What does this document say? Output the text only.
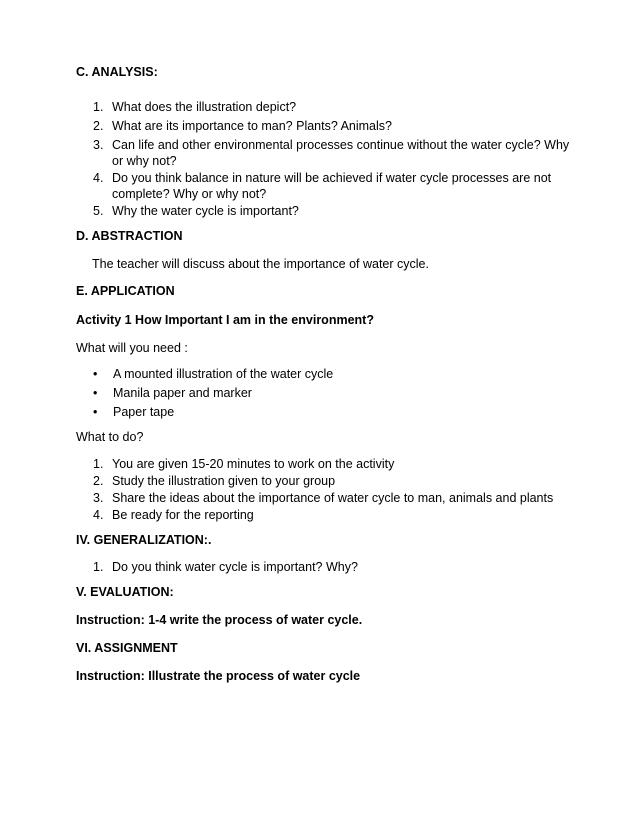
C. ANALYSIS:
1. What does the illustration depict?
2. What are its importance to man? Plants? Animals?
3. Can life and other environmental processes continue without the water cycle? Why or why not?
4. Do you think balance in nature will be achieved if water cycle processes are not complete? Why or why not?
5. Why the water cycle is important?
D. ABSTRACTION
The teacher will discuss about the importance of water cycle.
E. APPLICATION
Activity 1 How Important I am in the environment?
What will you need :
• A mounted illustration of the water cycle
• Manila paper and marker
• Paper tape
What to do?
1. You are given 15-20 minutes to work on the activity
2. Study the illustration given to your group
3. Share the ideas about the importance of water cycle to man, animals and plants
4. Be ready for the reporting
IV. GENERALIZATION:.
1. Do you think water cycle is important? Why?
V. EVALUATION:
Instruction: 1-4 write the process of water cycle.
VI. ASSIGNMENT
Instruction: Illustrate the process of water cycle
